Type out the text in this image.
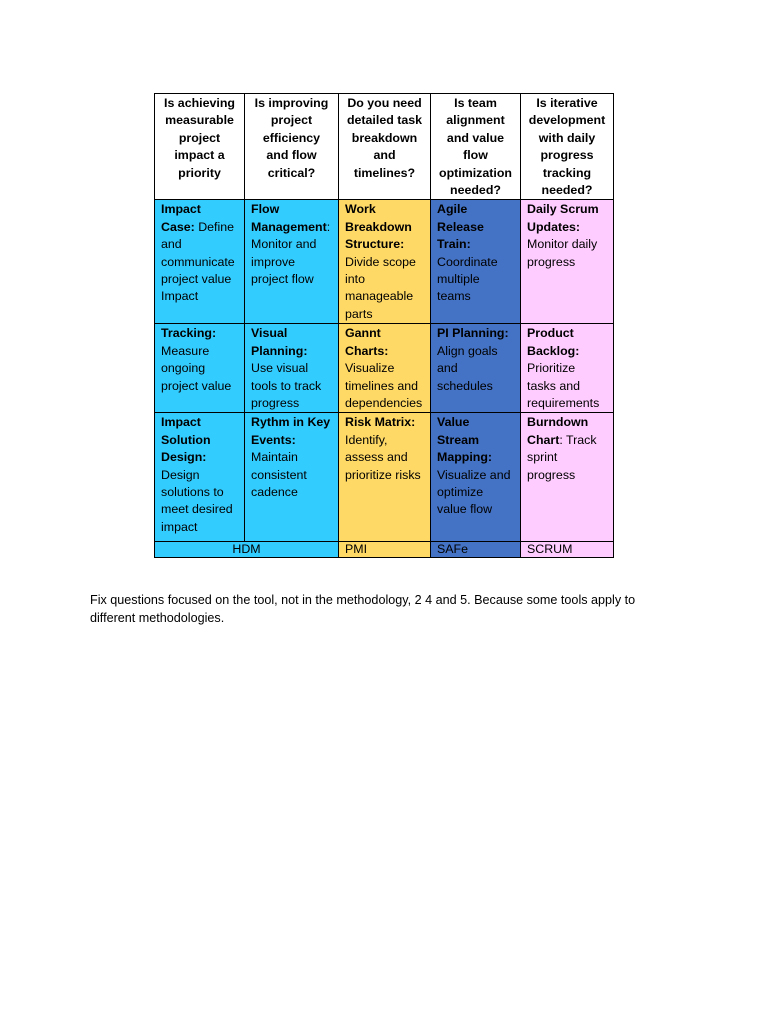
Is achieving measurable project impact a priority	Is improving project efficiency and flow critical?	Do you need detailed task breakdown and timelines?	Is team alignment and value flow optimization needed?	Is iterative development with daily progress tracking needed?
Impact Case: Define and communicate project value Impact	Flow Management: Monitor and improve project flow	Work Breakdown Structure: Divide scope into manageable parts	Agile Release Train: Coordinate multiple teams	Daily Scrum Updates: Monitor daily progress
Tracking: Measure ongoing project value	Visual Planning: Use visual tools to track progress	Gannt Charts: Visualize timelines and dependencies	PI Planning: Align goals and schedules	Product Backlog: Prioritize tasks and requirements
Impact Solution Design: Design solutions to meet desired impact	Rythm in Key Events: Maintain consistent cadence	Risk Matrix: Identify, assess and prioritize risks	Value Stream Mapping: Visualize and optimize value flow	Burndown Chart: Track sprint progress
HDM		PMI	SAFe	SCRUM

Fix questions focused on the tool, not in the methodology, 2 4 and 5. Because some tools apply to different methodologies.
